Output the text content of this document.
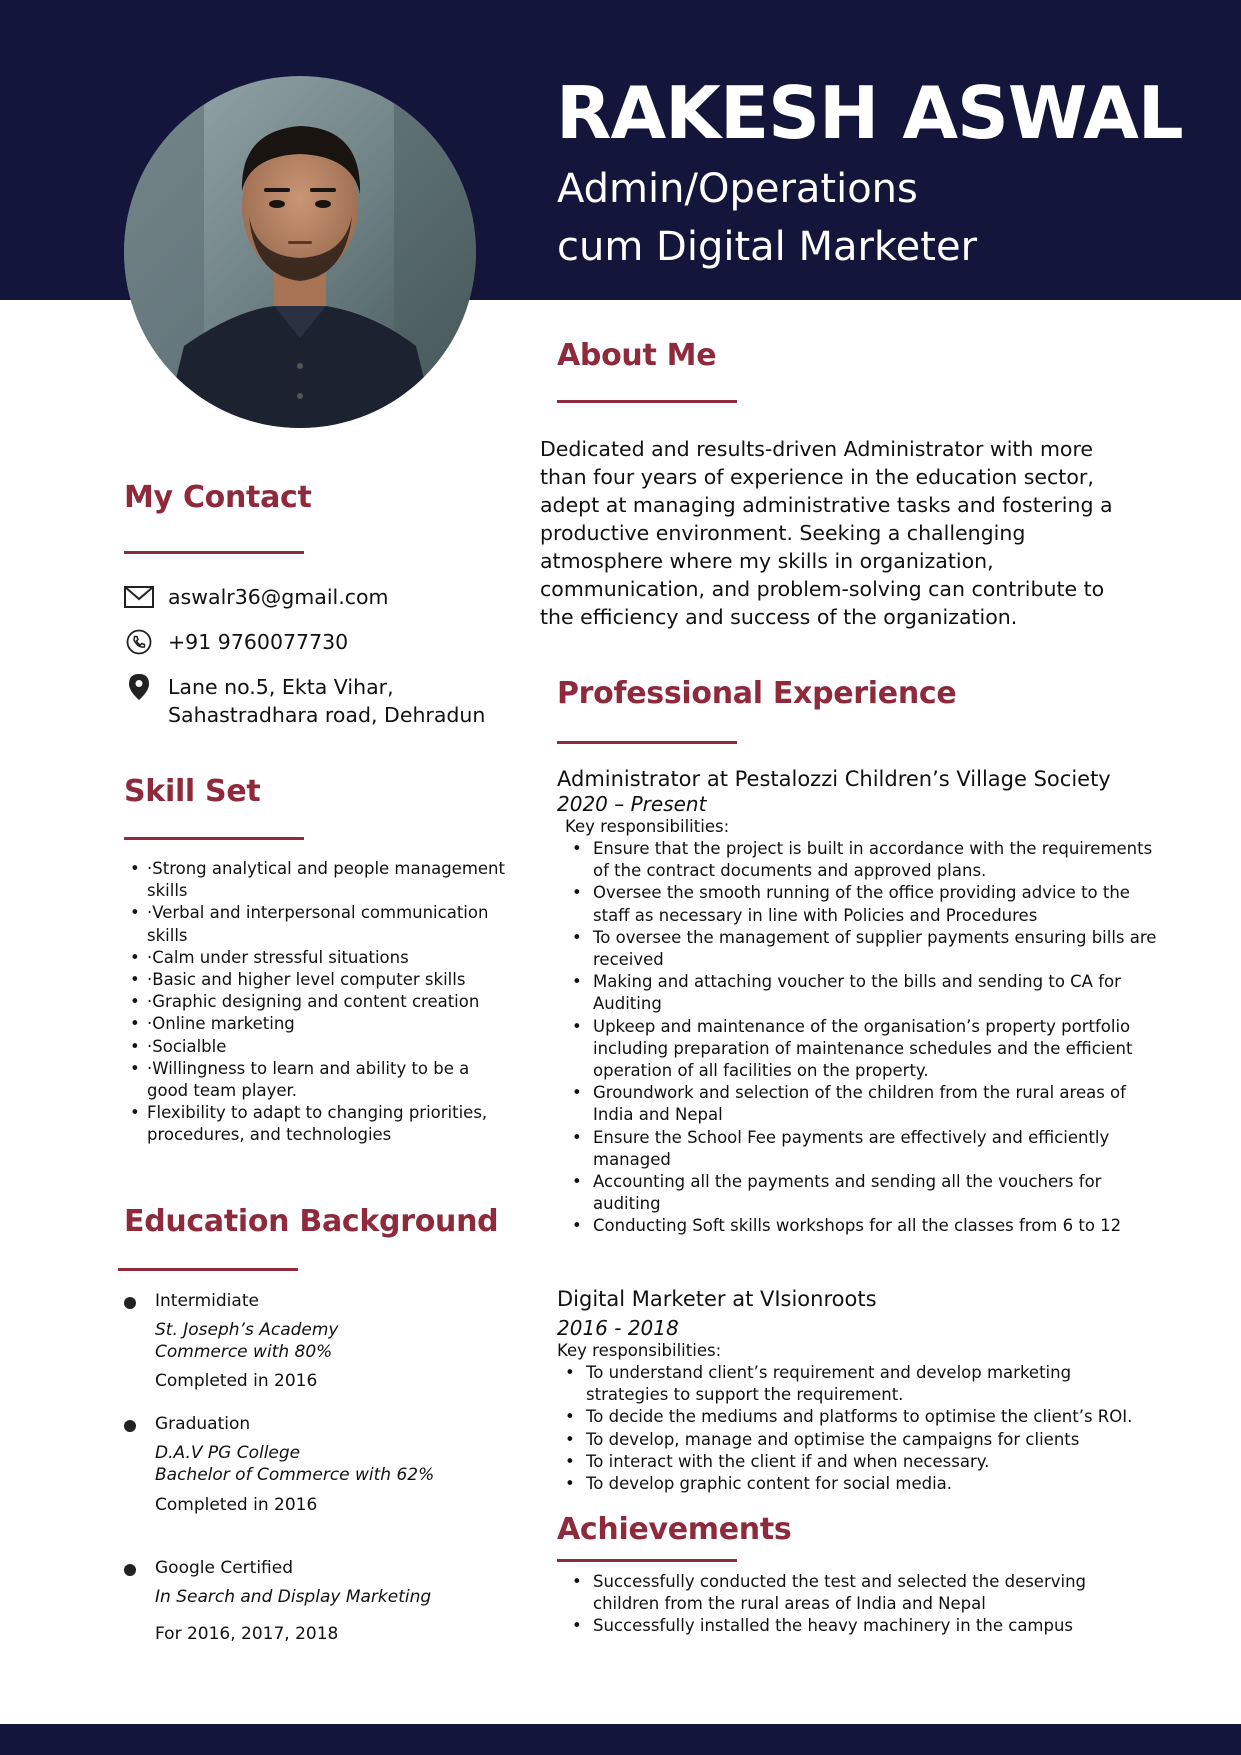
RAKESH ASWAL
Admin/Operations
cum Digital Marketer
About Me
Dedicated and results-driven Administrator with more than four years of experience in the education sector, adept at managing administrative tasks and fostering a productive environment. Seeking a challenging atmosphere where my skills in organization, communication, and problem-solving can contribute to the efficiency and success of the organization.
My Contact
aswalr36@gmail.com
+91 9760077730
Lane no.5, Ekta Vihar,
Sahastradhara road, Dehradun
Skill Set
• ·Strong analytical and people management skills
• ·Verbal and interpersonal communication skills
• ·Calm under stressful situations
• ·Basic and higher level computer skills
• ·Graphic designing and content creation
• ·Online marketing
• ·Socialble
• ·Willingness to learn and ability to be a good team player.
• Flexibility to adapt to changing priorities, procedures, and technologies
Education Background
Intermidiate
St. Joseph’s Academy
Commerce with 80%
Completed in 2016
Graduation
D.A.V PG College
Bachelor of Commerce with 62%
Completed in 2016
Google Certified
In Search and Display Marketing
For 2016, 2017, 2018
Professional Experience
Administrator at Pestalozzi Children’s Village Society
2020 – Present
Key responsibilities:
• Ensure that the project is built in accordance with the requirements of the contract documents and approved plans.
• Oversee the smooth running of the office providing advice to the staff as necessary in line with Policies and Procedures
• To oversee the management of supplier payments ensuring bills are received
• Making and attaching voucher to the bills and sending to CA for Auditing
• Upkeep and maintenance of the organisation’s property portfolio including preparation of maintenance schedules and the efficient operation of all facilities on the property.
• Groundwork and selection of the children from the rural areas of India and Nepal
• Ensure the School Fee payments are effectively and efficiently managed
• Accounting all the payments and sending all the vouchers for auditing
• Conducting Soft skills workshops for all the classes from 6 to 12
Digital Marketer at VIsionroots
2016 - 2018
Key responsibilities:
• To understand client’s requirement and develop marketing strategies to support the requirement.
• To decide the mediums and platforms to optimise the client’s ROI.
• To develop, manage and optimise the campaigns for clients
• To interact with the client if and when necessary.
• To develop graphic content for social media.
Achievements
• Successfully conducted the test and selected the deserving children from the rural areas of India and Nepal
• Successfully installed the heavy machinery in the campus
